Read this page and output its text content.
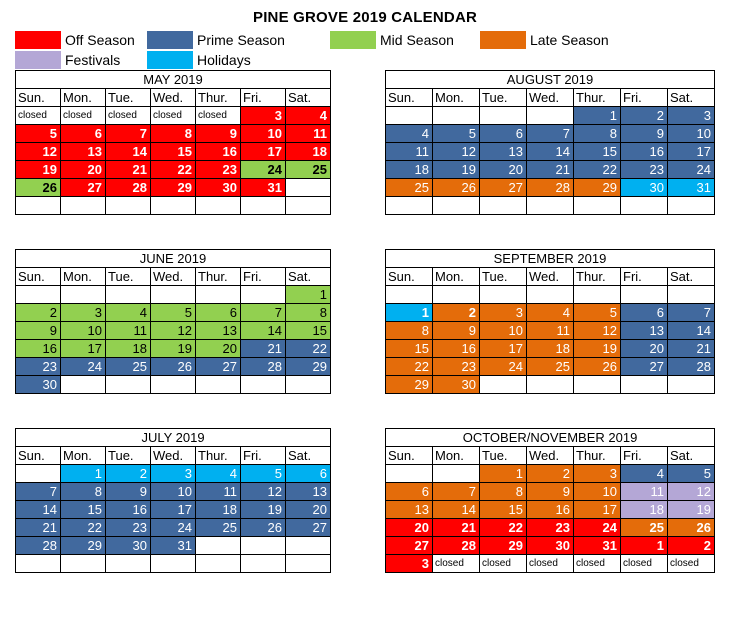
PINE GROVE 2019 CALENDAR
Off Season	Prime Season	Mid Season	Late Season
Festivals	Holidays
MAY 2019						
Sun.	Mon.	Tue.	Wed.	Thur.	Fri.	Sat.
closed	closed	closed	closed	closed	3	4
5	6	7	8	9	10	11
12	13	14	15	16	17	18
19	20	21	22	23	24	25
26	27	28	29	30	31	

AUGUST 2019						
Sun.	Mon.	Tue.	Wed.	Thur.	Fri.	Sat.
				1	2	3
4	5	6	7	8	9	10
11	12	13	14	15	16	17
18	19	20	21	22	23	24
25	26	27	28	29	30	31

JUNE 2019						
Sun.	Mon.	Tue.	Wed.	Thur.	Fri.	Sat.
						1
2	3	4	5	6	7	8
9	10	11	12	13	14	15
16	17	18	19	20	21	22
23	24	25	26	27	28	29
30						
SEPTEMBER 2019						
Sun.	Mon.	Tue.	Wed.	Thur.	Fri.	Sat.

1	2	3	4	5	6	7
8	9	10	11	12	13	14
15	16	17	18	19	20	21
22	23	24	25	26	27	28
29	30					
JULY 2019						
Sun.	Mon.	Tue.	Wed.	Thur.	Fri.	Sat.
	1	2	3	4	5	6
7	8	9	10	11	12	13
14	15	16	17	18	19	20
21	22	23	24	25	26	27
28	29	30	31			

OCTOBER/NOVEMBER 2019						
Sun.	Mon.	Tue.	Wed.	Thur.	Fri.	Sat.
		1	2	3	4	5
6	7	8	9	10	11	12
13	14	15	16	17	18	19
20	21	22	23	24	25	26
27	28	29	30	31	1	2
3	closed	closed	closed	closed	closed	closed
